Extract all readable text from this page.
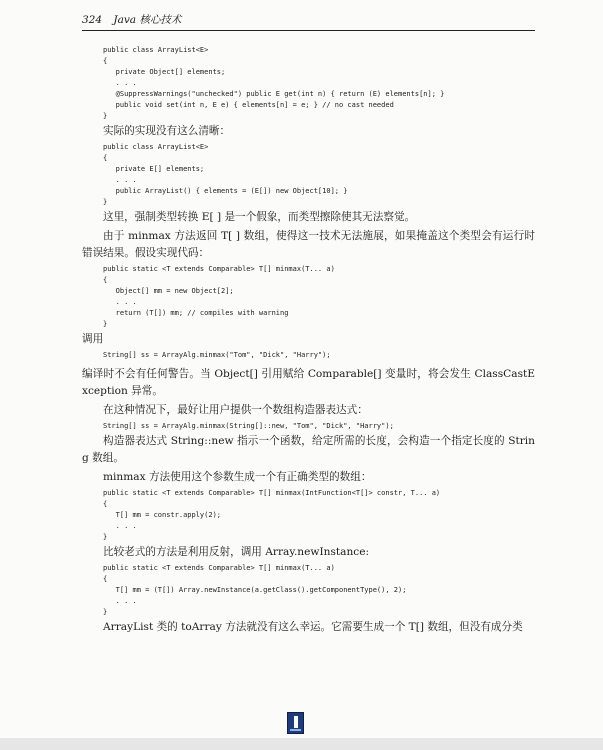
324 Java 核心技术
public class ArrayList<E>
{
private Object[] elements;
. . .
@SuppressWarnings("unchecked") public E get(int n) { return (E) elements[n]; }
public void set(int n, E e) { elements[n] = e; } // no cast needed
}
实际的实现没有这么清晰：
public class ArrayList<E>
{
private E[] elements;
. . .
public ArrayList() { elements = (E[]) new Object[10]; }
}
这里，强制类型转换 E[ ] 是一个假象，而类型擦除使其无法察觉。
由于 minmax 方法返回 T[ ] 数组，使得这一技术无法施展，如果掩盖这个类型会有运行时错误结果。假设实现代码：
public static <T extends Comparable> T[] minmax(T... a)
{
Object[] mm = new Object[2];
. . .
return (T[]) mm; // compiles with warning
}
调用
String[] ss = ArrayAlg.minmax("Tom", "Dick", "Harry");
编译时不会有任何警告。当 Object[] 引用赋给 Comparable[] 变量时，将会发生 ClassCastException 异常。
在这种情况下，最好让用户提供一个数组构造器表达式：
String[] ss = ArrayAlg.minmax(String[]::new, "Tom", "Dick", "Harry");
构造器表达式 String::new 指示一个函数，给定所需的长度，会构造一个指定长度的 String 数组。
minmax 方法使用这个参数生成一个有正确类型的数组：
public static <T extends Comparable> T[] minmax(IntFunction<T[]> constr, T... a)
{
T[] mm = constr.apply(2);
. . .
}
比较老式的方法是利用反射，调用 Array.newInstance:
public static <T extends Comparable> T[] minmax(T... a)
{
T[] mm = (T[]) Array.newInstance(a.getClass().getComponentType(), 2);
. . .
}
ArrayList 类的 toArray 方法就没有这么幸运。它需要生成一个 T[] 数组，但没有成分类
